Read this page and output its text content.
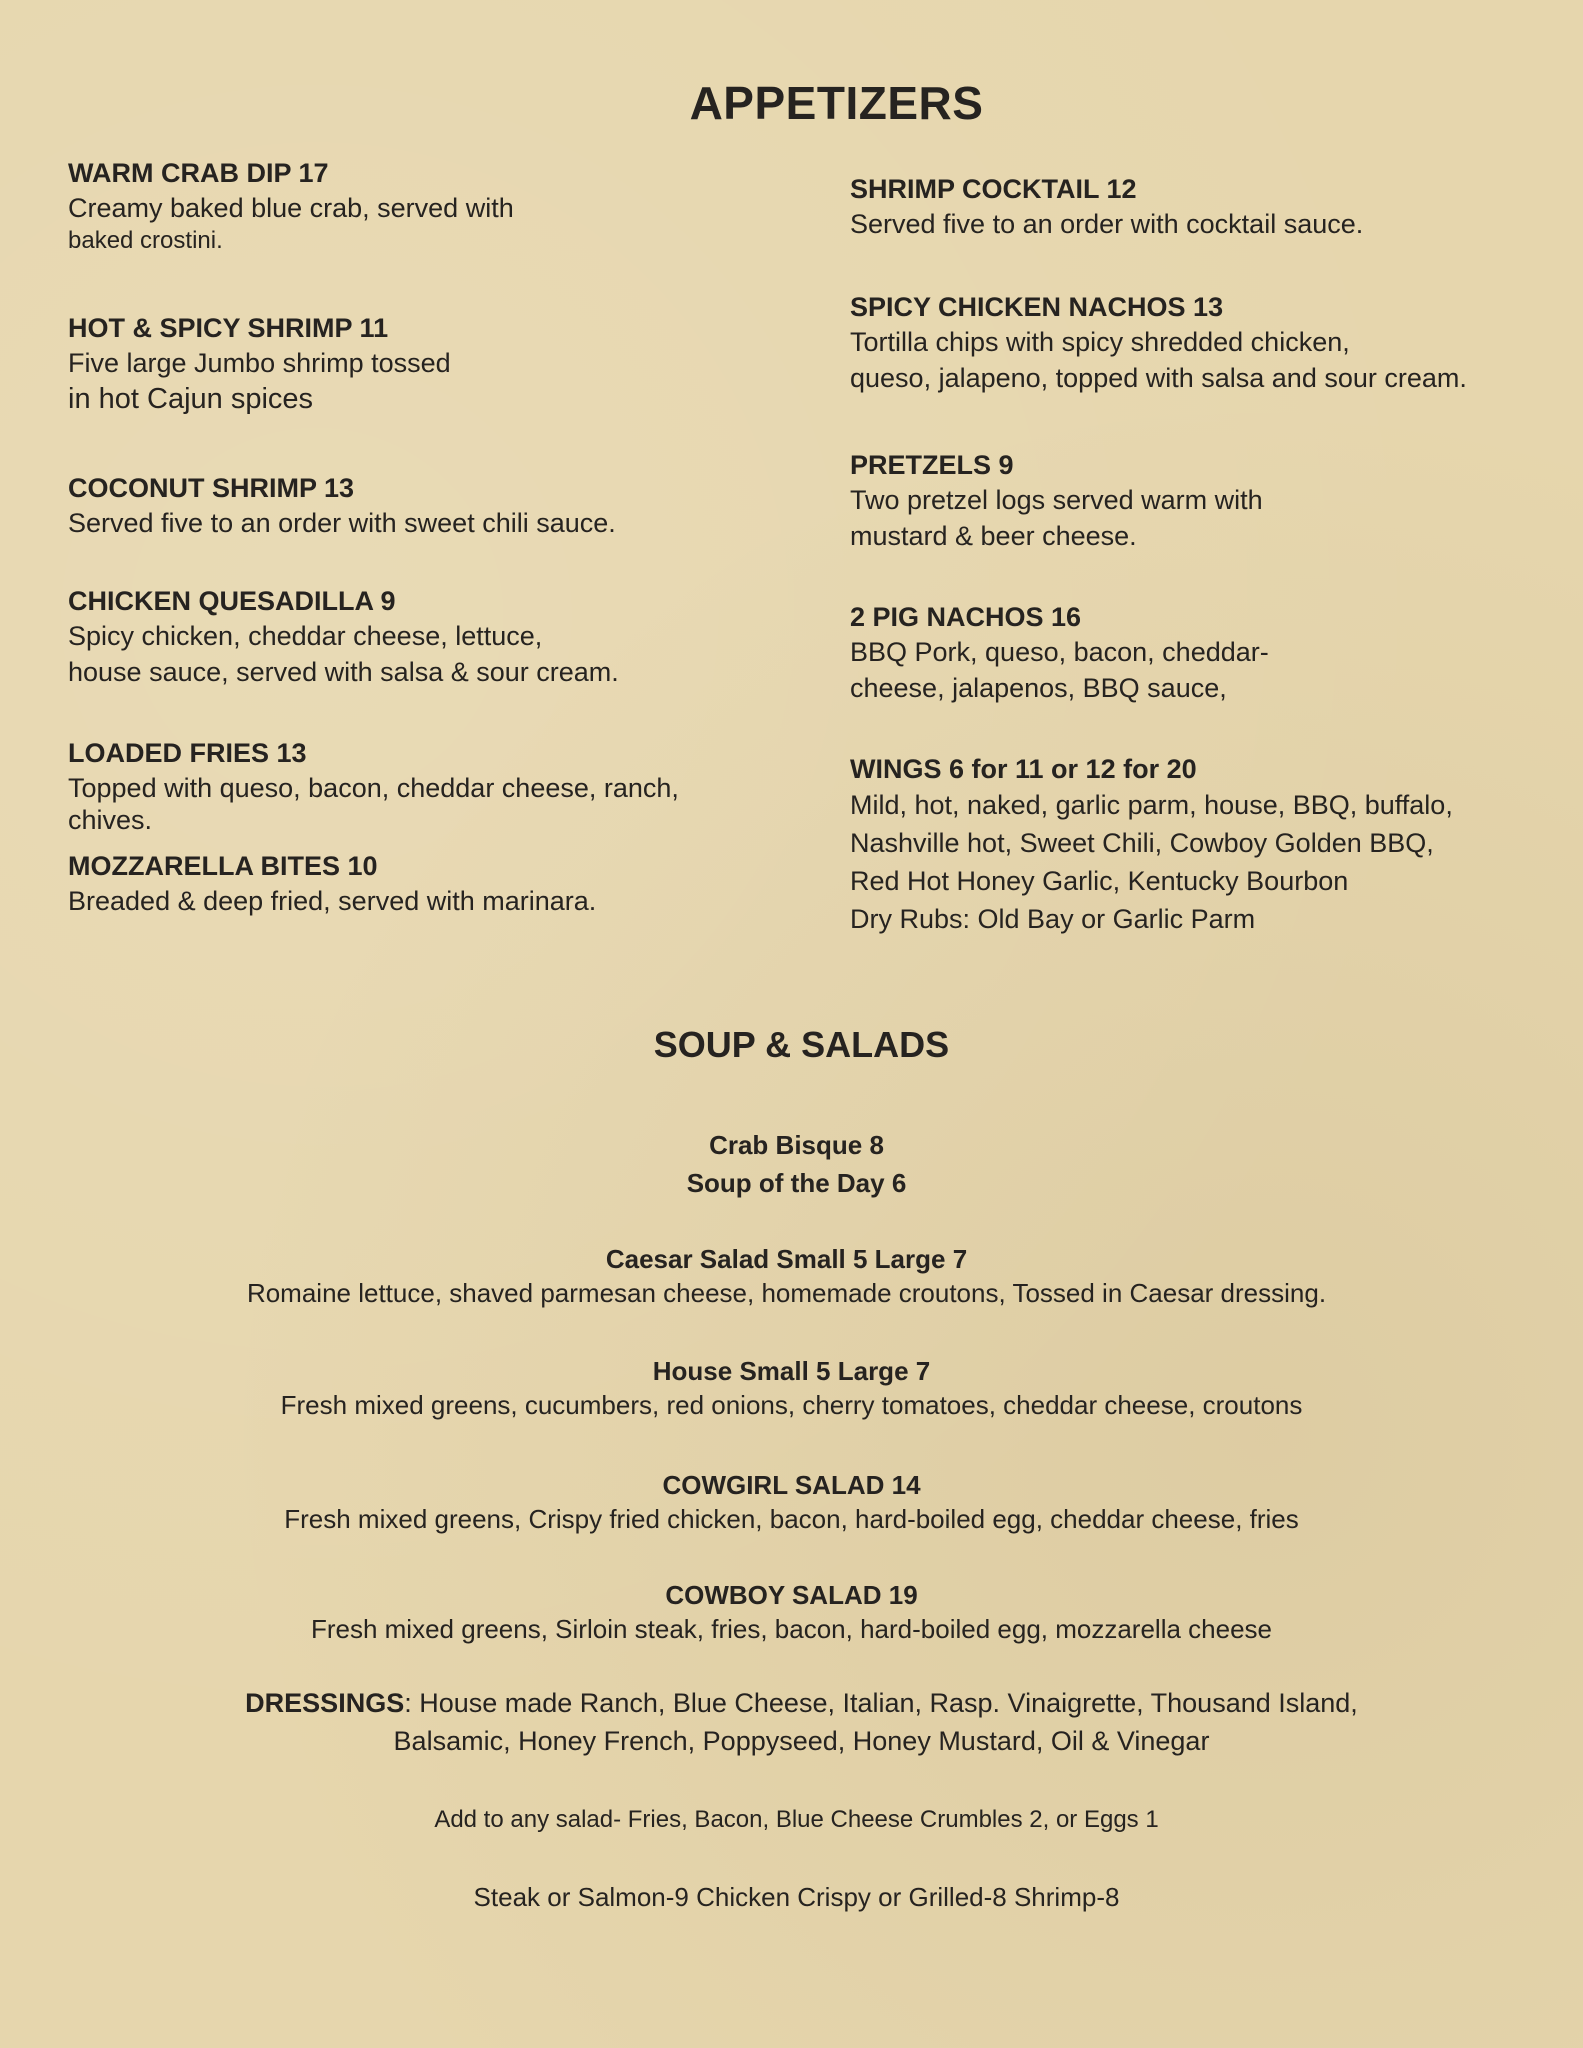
APPETIZERS
WARM CRAB DIP 17
Creamy baked blue crab, served with
baked crostini.
HOT & SPICY SHRIMP 11
Five large Jumbo shrimp tossed
in hot Cajun spices
COCONUT SHRIMP 13
Served five to an order with sweet chili sauce.
CHICKEN QUESADILLA 9
Spicy chicken, cheddar cheese, lettuce,
house sauce, served with salsa & sour cream.
LOADED FRIES 13
Topped with queso, bacon, cheddar cheese, ranch,
chives.
MOZZARELLA BITES 10
Breaded & deep fried, served with marinara.
SHRIMP COCKTAIL 12
Served five to an order with cocktail sauce.
SPICY CHICKEN NACHOS 13
Tortilla chips with spicy shredded chicken,
queso, jalapeno, topped with salsa and sour cream.
PRETZELS 9
Two pretzel logs served warm with
mustard & beer cheese.
2 PIG NACHOS 16
BBQ Pork, queso, bacon, cheddar-
cheese, jalapenos, BBQ sauce,
WINGS 6 for 11 or 12 for 20
Mild, hot, naked, garlic parm, house, BBQ, buffalo,
Nashville hot, Sweet Chili, Cowboy Golden BBQ,
Red Hot Honey Garlic, Kentucky Bourbon
Dry Rubs: Old Bay or Garlic Parm
SOUP & SALADS
Crab Bisque 8
Soup of the Day 6
Caesar Salad Small 5 Large 7
Romaine lettuce, shaved parmesan cheese, homemade croutons, Tossed in Caesar dressing.
House Small 5 Large 7
Fresh mixed greens, cucumbers, red onions, cherry tomatoes, cheddar cheese, croutons
COWGIRL SALAD 14
Fresh mixed greens, Crispy fried chicken, bacon, hard-boiled egg, cheddar cheese, fries
COWBOY SALAD 19
Fresh mixed greens, Sirloin steak, fries, bacon, hard-boiled egg, mozzarella cheese
DRESSINGS: House made Ranch, Blue Cheese, Italian, Rasp. Vinaigrette, Thousand Island,
Balsamic, Honey French, Poppyseed, Honey Mustard, Oil & Vinegar
Add to any salad- Fries, Bacon, Blue Cheese Crumbles 2, or Eggs 1
Steak or Salmon-9 Chicken Crispy or Grilled-8 Shrimp-8
